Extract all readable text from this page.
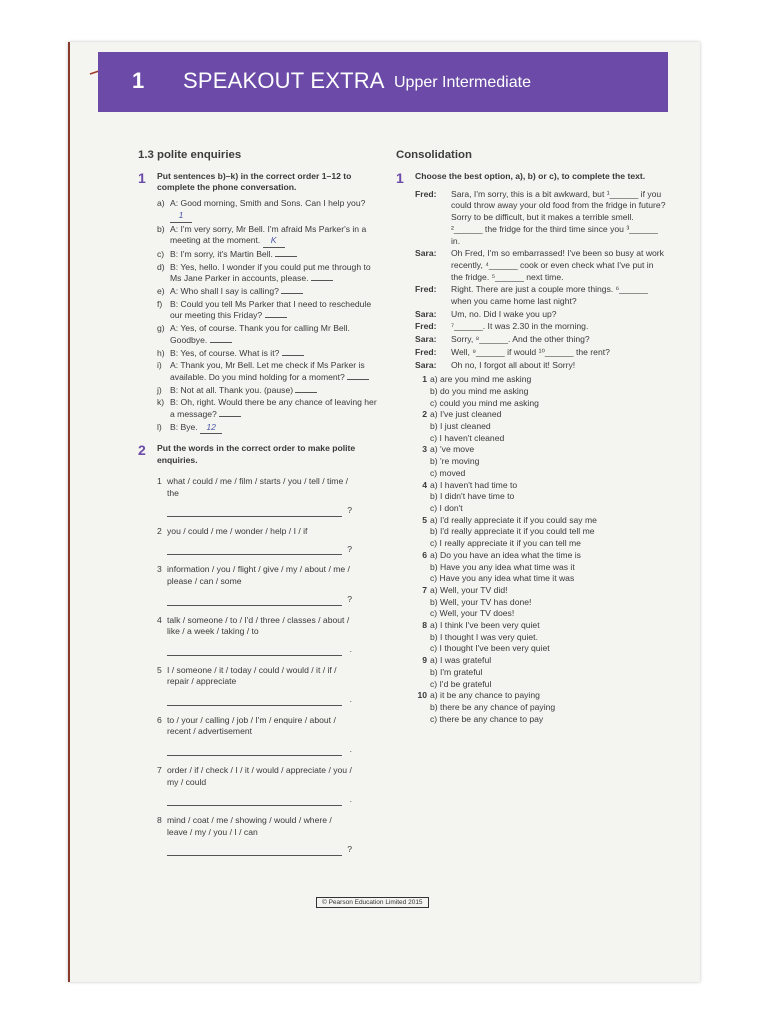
1 SPEAKOUT EXTRA Upper Intermediate
1.3 polite enquiries
1	Put sentences b)–k) in the correct order 1–12 to complete the phone conversation.
a) A: Good morning, Smith and Sons. Can I help you? 1
b) A: I'm very sorry, Mr Bell. I'm afraid Ms Parker's in a meeting at the moment. K
c) B: I'm sorry, it's Martin Bell.
d) B: Yes, hello. I wonder if you could put me through to Ms Jane Parker in accounts, please.
e) A: Who shall I say is calling?
f) B: Could you tell Ms Parker that I need to reschedule our meeting this Friday?
g) A: Yes, of course. Thank you for calling Mr Bell. Goodbye.
h) B: Yes, of course. What is it?
i) A: Thank you, Mr Bell. Let me check if Ms Parker is available. Do you mind holding for a moment?
j) B: Not at all. Thank you. (pause)
k) B: Oh, right. Would there be any chance of leaving her a message?
l) B: Bye. 12
2	Put the words in the correct order to make polite enquiries.
1 what / could / me / film / starts / you / tell / time / the
?
2 you / could / me / wonder / help / I / if
?
3 information / you / flight / give / my / about / me / please / can / some
?
4 talk / someone / to / I'd / three / classes / about / like / a week / taking / to
.
5 I / someone / it / today / could / would / it / if / repair / appreciate
.
6 to / your / calling / job / I'm / enquire / about / recent / advertisement
.
7 order / if / check / I / it / would / appreciate / you / my / could
.
8 mind / coat / me / showing / would / where / leave / my / you / I / can
?
Consolidation
1	Choose the best option, a), b) or c), to complete the text.
Fred:	Sara, I'm sorry, this is a bit awkward, but ¹______ if you could throw away your old food from the fridge in future? Sorry to be difficult, but it makes a terrible smell. ²______ the fridge for the third time since you ³______ in.
Sara:	Oh Fred, I'm so embarrassed! I've been so busy at work recently, ⁴______ cook or even check what I've put in the fridge. ⁵______ next time.
Fred:	Right. There are just a couple more things. ⁶______ when you came home last night?
Sara:	Um, no. Did I wake you up?
Fred:	⁷______. It was 2.30 in the morning.
Sara:	Sorry, ⁸______. And the other thing?
Fred:	Well, ⁹______ if would ¹⁰______ the rent?
Sara:	Oh no, I forgot all about it! Sorry!
1 a) are you mind me asking
b) do you mind me asking
c) could you mind me asking
2 a) I've just cleaned
b) I just cleaned
c) I haven't cleaned
3 a) 've move
b) 're moving
c) moved
4 a) I haven't had time to
b) I didn't have time to
c) I don't
5 a) I'd really appreciate it if you could say me
b) I'd really appreciate it if you could tell me
c) I really appreciate it if you can tell me
6 a) Do you have an idea what the time is
b) Have you any idea what time was it
c) Have you any idea what time it was
7 a) Well, your TV did!
b) Well, your TV has done!
c) Well, your TV does!
8 a) I think I've been very quiet
b) I thought I was very quiet.
c) I thought I've been very quiet
9 a) I was grateful
b) I'm grateful
c) I'd be grateful
10 a) it be any chance to paying
b) there be any chance of paying
c) there be any chance to pay
© Pearson Education Limited 2015
